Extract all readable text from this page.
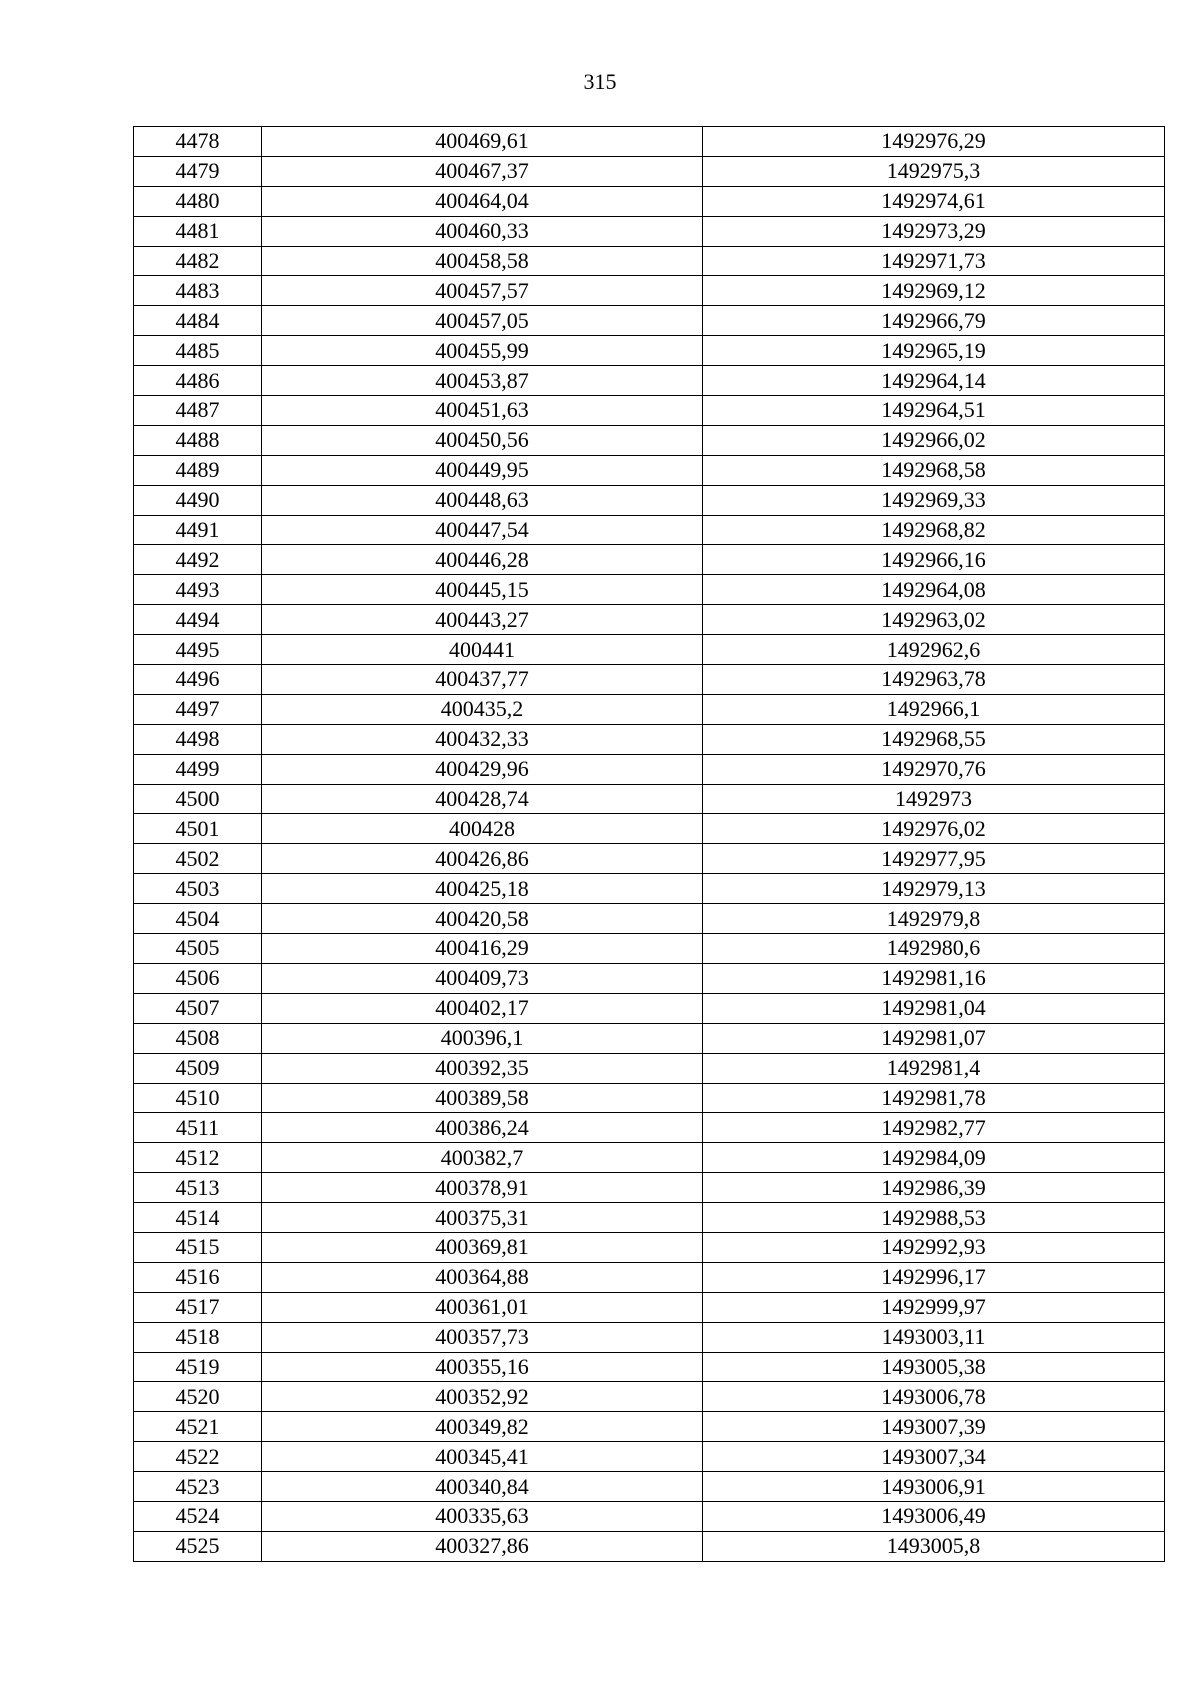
315
4478	400469,61	1492976,29
4479	400467,37	1492975,3
4480	400464,04	1492974,61
4481	400460,33	1492973,29
4482	400458,58	1492971,73
4483	400457,57	1492969,12
4484	400457,05	1492966,79
4485	400455,99	1492965,19
4486	400453,87	1492964,14
4487	400451,63	1492964,51
4488	400450,56	1492966,02
4489	400449,95	1492968,58
4490	400448,63	1492969,33
4491	400447,54	1492968,82
4492	400446,28	1492966,16
4493	400445,15	1492964,08
4494	400443,27	1492963,02
4495	400441	1492962,6
4496	400437,77	1492963,78
4497	400435,2	1492966,1
4498	400432,33	1492968,55
4499	400429,96	1492970,76
4500	400428,74	1492973
4501	400428	1492976,02
4502	400426,86	1492977,95
4503	400425,18	1492979,13
4504	400420,58	1492979,8
4505	400416,29	1492980,6
4506	400409,73	1492981,16
4507	400402,17	1492981,04
4508	400396,1	1492981,07
4509	400392,35	1492981,4
4510	400389,58	1492981,78
4511	400386,24	1492982,77
4512	400382,7	1492984,09
4513	400378,91	1492986,39
4514	400375,31	1492988,53
4515	400369,81	1492992,93
4516	400364,88	1492996,17
4517	400361,01	1492999,97
4518	400357,73	1493003,11
4519	400355,16	1493005,38
4520	400352,92	1493006,78
4521	400349,82	1493007,39
4522	400345,41	1493007,34
4523	400340,84	1493006,91
4524	400335,63	1493006,49
4525	400327,86	1493005,8
